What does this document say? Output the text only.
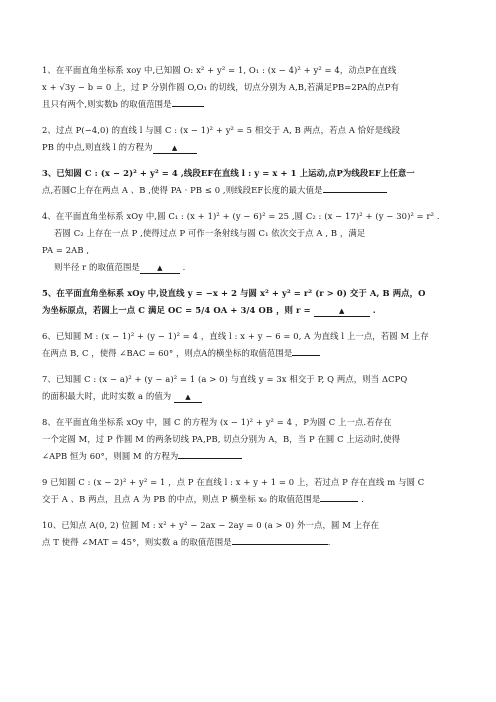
1、在平面直角坐标系 xoy 中,已知圆 O: x² + y² = 1, O₁ : (x − 4)² + y² = 4，动点P在直线
x + √3y − b = 0 上，过 P 分别作圆 O,O₁ 的切线，切点分别为 A,B,若满足PB=2PA的点P有
且只有两个,则实数b 的取值范围是
2、过点 P(−4,0) 的直线 l 与圆 C : (x − 1)² + y² = 5 相交于 A, B 两点，若点 A 恰好是线段
PB 的中点,则直线 l 的方程为	▲
3、已知圆 C : (x − 2)² + y² = 4 ,线段EF在直线 l : y = x + 1 上运动,点P为线段EF上任意一
点,若圆C上存在两点 A 、B ,使得 PA · PB ≤ 0 ,则线段EF长度的最大值是
4、在平面直角坐标系 xOy 中,圆 C₁ : (x + 1)² + (y − 6)² = 25 ,圆 C₂ : (x − 17)² + (y − 30)² = r² .
若圆 C₂ 上存在一点 P ,使得过点 P 可作一条射线与圆 C₁ 依次交于点 A , B ，满足
PA = 2AB ,
则半径 r 的取值范围是 ▲ .
5、在平面直角坐标系 xOy 中,设直线 y = −x + 2 与圆 x² + y² = r² (r > 0) 交于 A, B 两点，O
为坐标原点，若圆上一点 C 满足 OC = 5/4 OA + 3/4 OB ，则 r =	▲	.
6、已知圆 M : (x − 1)² + (y − 1)² = 4 ，直线 l : x + y − 6 = 0, A 为直线 l 上一点，若圆 M 上存
在两点 B, C ，使得 ∠BAC = 60° ，则点A的横坐标的取值范围是
7、已知圆 C : (x − a)² + (y − a)² = 1 (a > 0) 与直线 y = 3x 相交于 P, Q 两点，则当 ΔCPQ
的面积最大时，此时实数 a 的值为 ▲
8、在平面直角坐标系 xOy 中，圆 C 的方程为 (x − 1)² + y² = 4 ，P为圆 C 上一点.若存在
一个定圆 M，过 P 作圆 M 的两条切线 PA,PB, 切点分别为 A，B，当 P 在圆 C 上运动时,使得
∠APB 恒为 60°，则圆 M 的方程为
9 已知圆 C : (x − 2)² + y² = 1 ，点 P 在直线 l : x + y + 1 = 0 上，若过点 P 存在直线 m 与圆 C
交于 A 、B 两点，且点 A 为 PB 的中点，则点 P 横坐标 x₀ 的取值范围是	.
10、已知点 A(0, 2) 位圆 M : x² + y² − 2ax − 2ay = 0 (a > 0) 外一点，圆 M 上存在
点 T 使得 ∠MAT = 45°，则实数 a 的取值范围是	.
